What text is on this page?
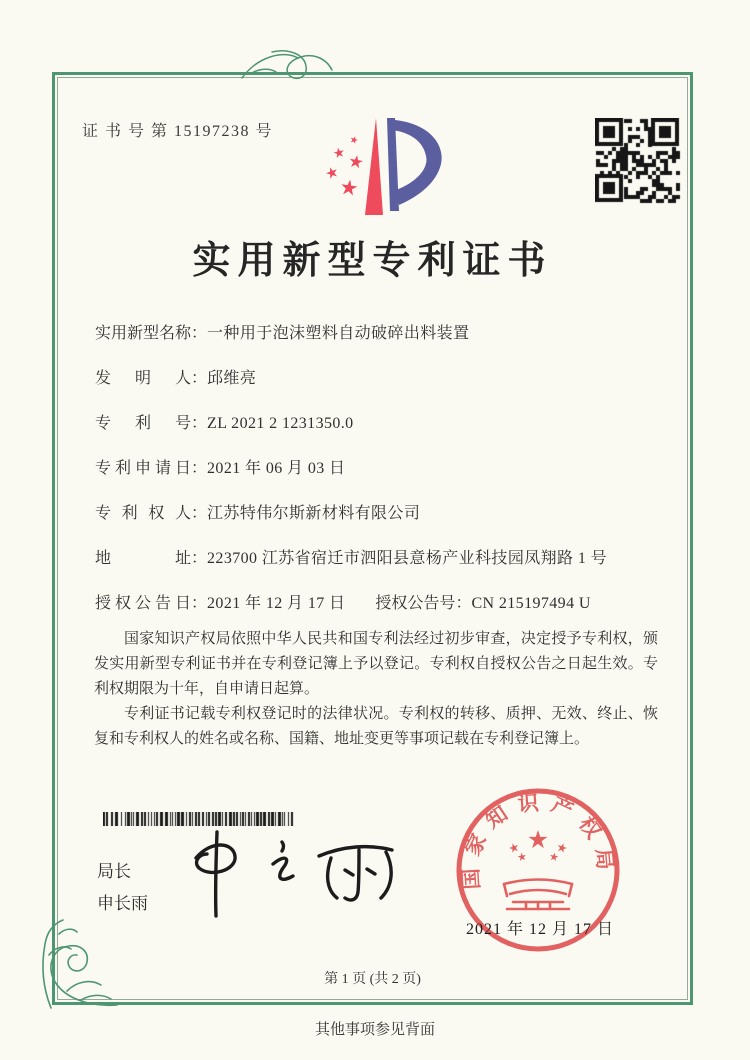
证 书 号 第 15197238 号
实用新型专利证书
实用新型名称：一种用于泡沫塑料自动破碎出料装置
发明人：邱维亮
专利号：ZL 2021 2 1231350.0
专利申请日：2021 年 06 月 03 日
专利权人：江苏特伟尔斯新材料有限公司
地址：223700 江苏省宿迁市泗阳县意杨产业科技园凤翔路 1 号
授权公告日：2021 年 12 月 17 日 授权公告号：CN 215197494 U

国家知识产权局依照中华人民共和国专利法经过初步审查，决定授予专利权，颁发实用新型专利证书并在专利登记簿上予以登记。专利权自授权公告之日起生效。专利权期限为十年，自申请日起算。

专利证书记载专利权登记时的法律状况。专利权的转移、质押、无效、终止、恢复和专利权人的姓名或名称、国籍、地址变更等事项记载在专利登记簿上。

局长
申长雨
国家知识产权局
2021 年 12 月 17 日
第 1 页 (共 2 页)
其他事项参见背面
